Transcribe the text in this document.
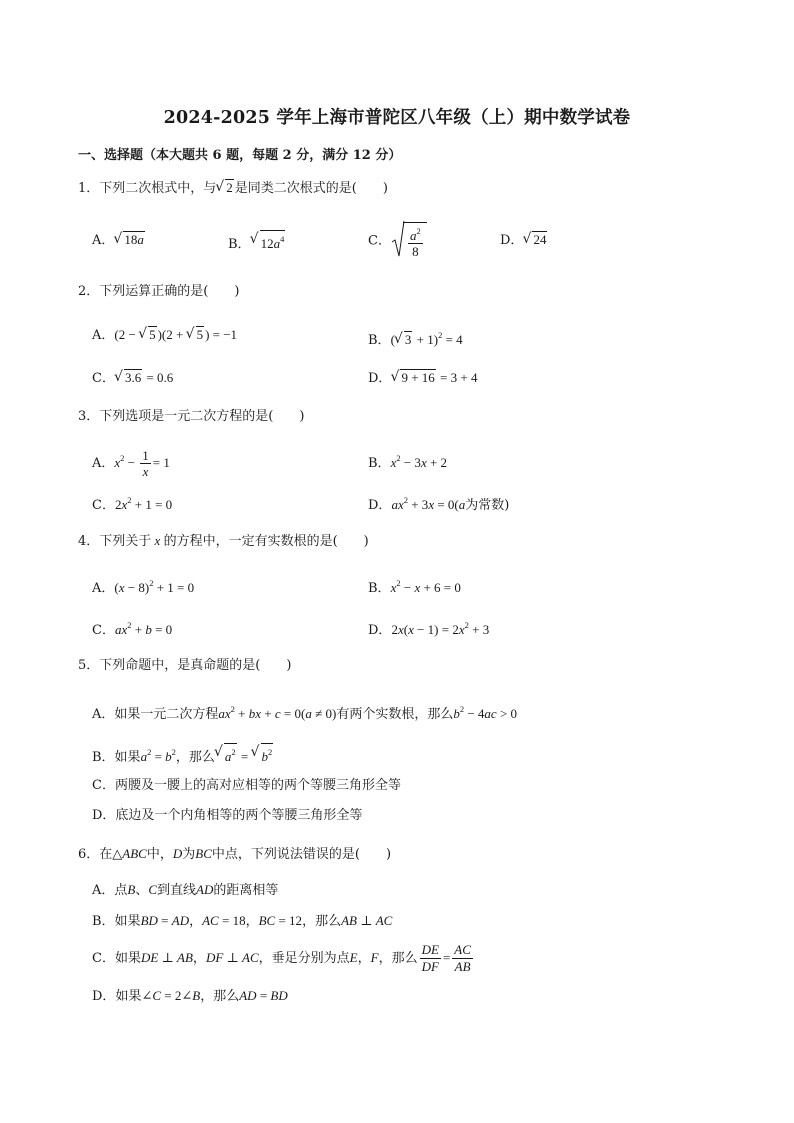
2024-2025 学年上海市普陀区八年级（上）期中数学试卷
一、选择题（本大题共 6 题，每题 2 分，满分 12 分）
1．下列二次根式中，与 √ 2 是同类二次根式的是(　　)
A． √ 18a	B． √ $12a^4$	C． $\frac{a^2}{8}$	D． √ 24
2．下列运算正确的是(　　)
A．(2 − √ 5 )(2 + √ 5 ) = −1	B．( √ 3 + 1)$^2$ = 4
C． √ 3.6 = 0.6	D． √ 9 + 16 = 3 + 4
3．下列选项是一元二次方程的是(　　)
A．$x^2 - \frac{1}{x} = 1$	B．$x^2 - 3x + 2$
C．$2x^2 + 1 = 0$	D．$ax^2 + 3x = 0(a$为常数)
4．下列关于 x 的方程中，一定有实数根的是(　　)
A．$(x - 8)^2 + 1 = 0$	B．$x^2 - x + 6 = 0$
C．$ax^2 + b = 0$	D．$2x(x - 1) = 2x^2 + 3$
5．下列命题中，是真命题的是(　　)
A．如果一元二次方程$ax^2$ + bx + c = 0(a ≠ 0)有两个实数根，那么$b^2 - 4ac > 0$
B．如果$a^2 = b^2$，那么 √ $a^2$ = √ $b^2$
C．两腰及一腰上的高对应相等的两个等腰三角形全等
D．底边及一个内角相等的两个等腰三角形全等
6．在△ABC中，D为BC中点，下列说法错误的是(　　)
A．点B、C到直线AD的距离相等
B．如果BD = AD，AC = 18，BC = 12，那么AB ⊥ AC
C．如果DE ⊥ AB，DF ⊥ AC，垂足分别为点E，F，那么 $\frac{DE}{DF} = \frac{AC}{AB}$
D．如果∠C = 2∠B，那么AD = BD
